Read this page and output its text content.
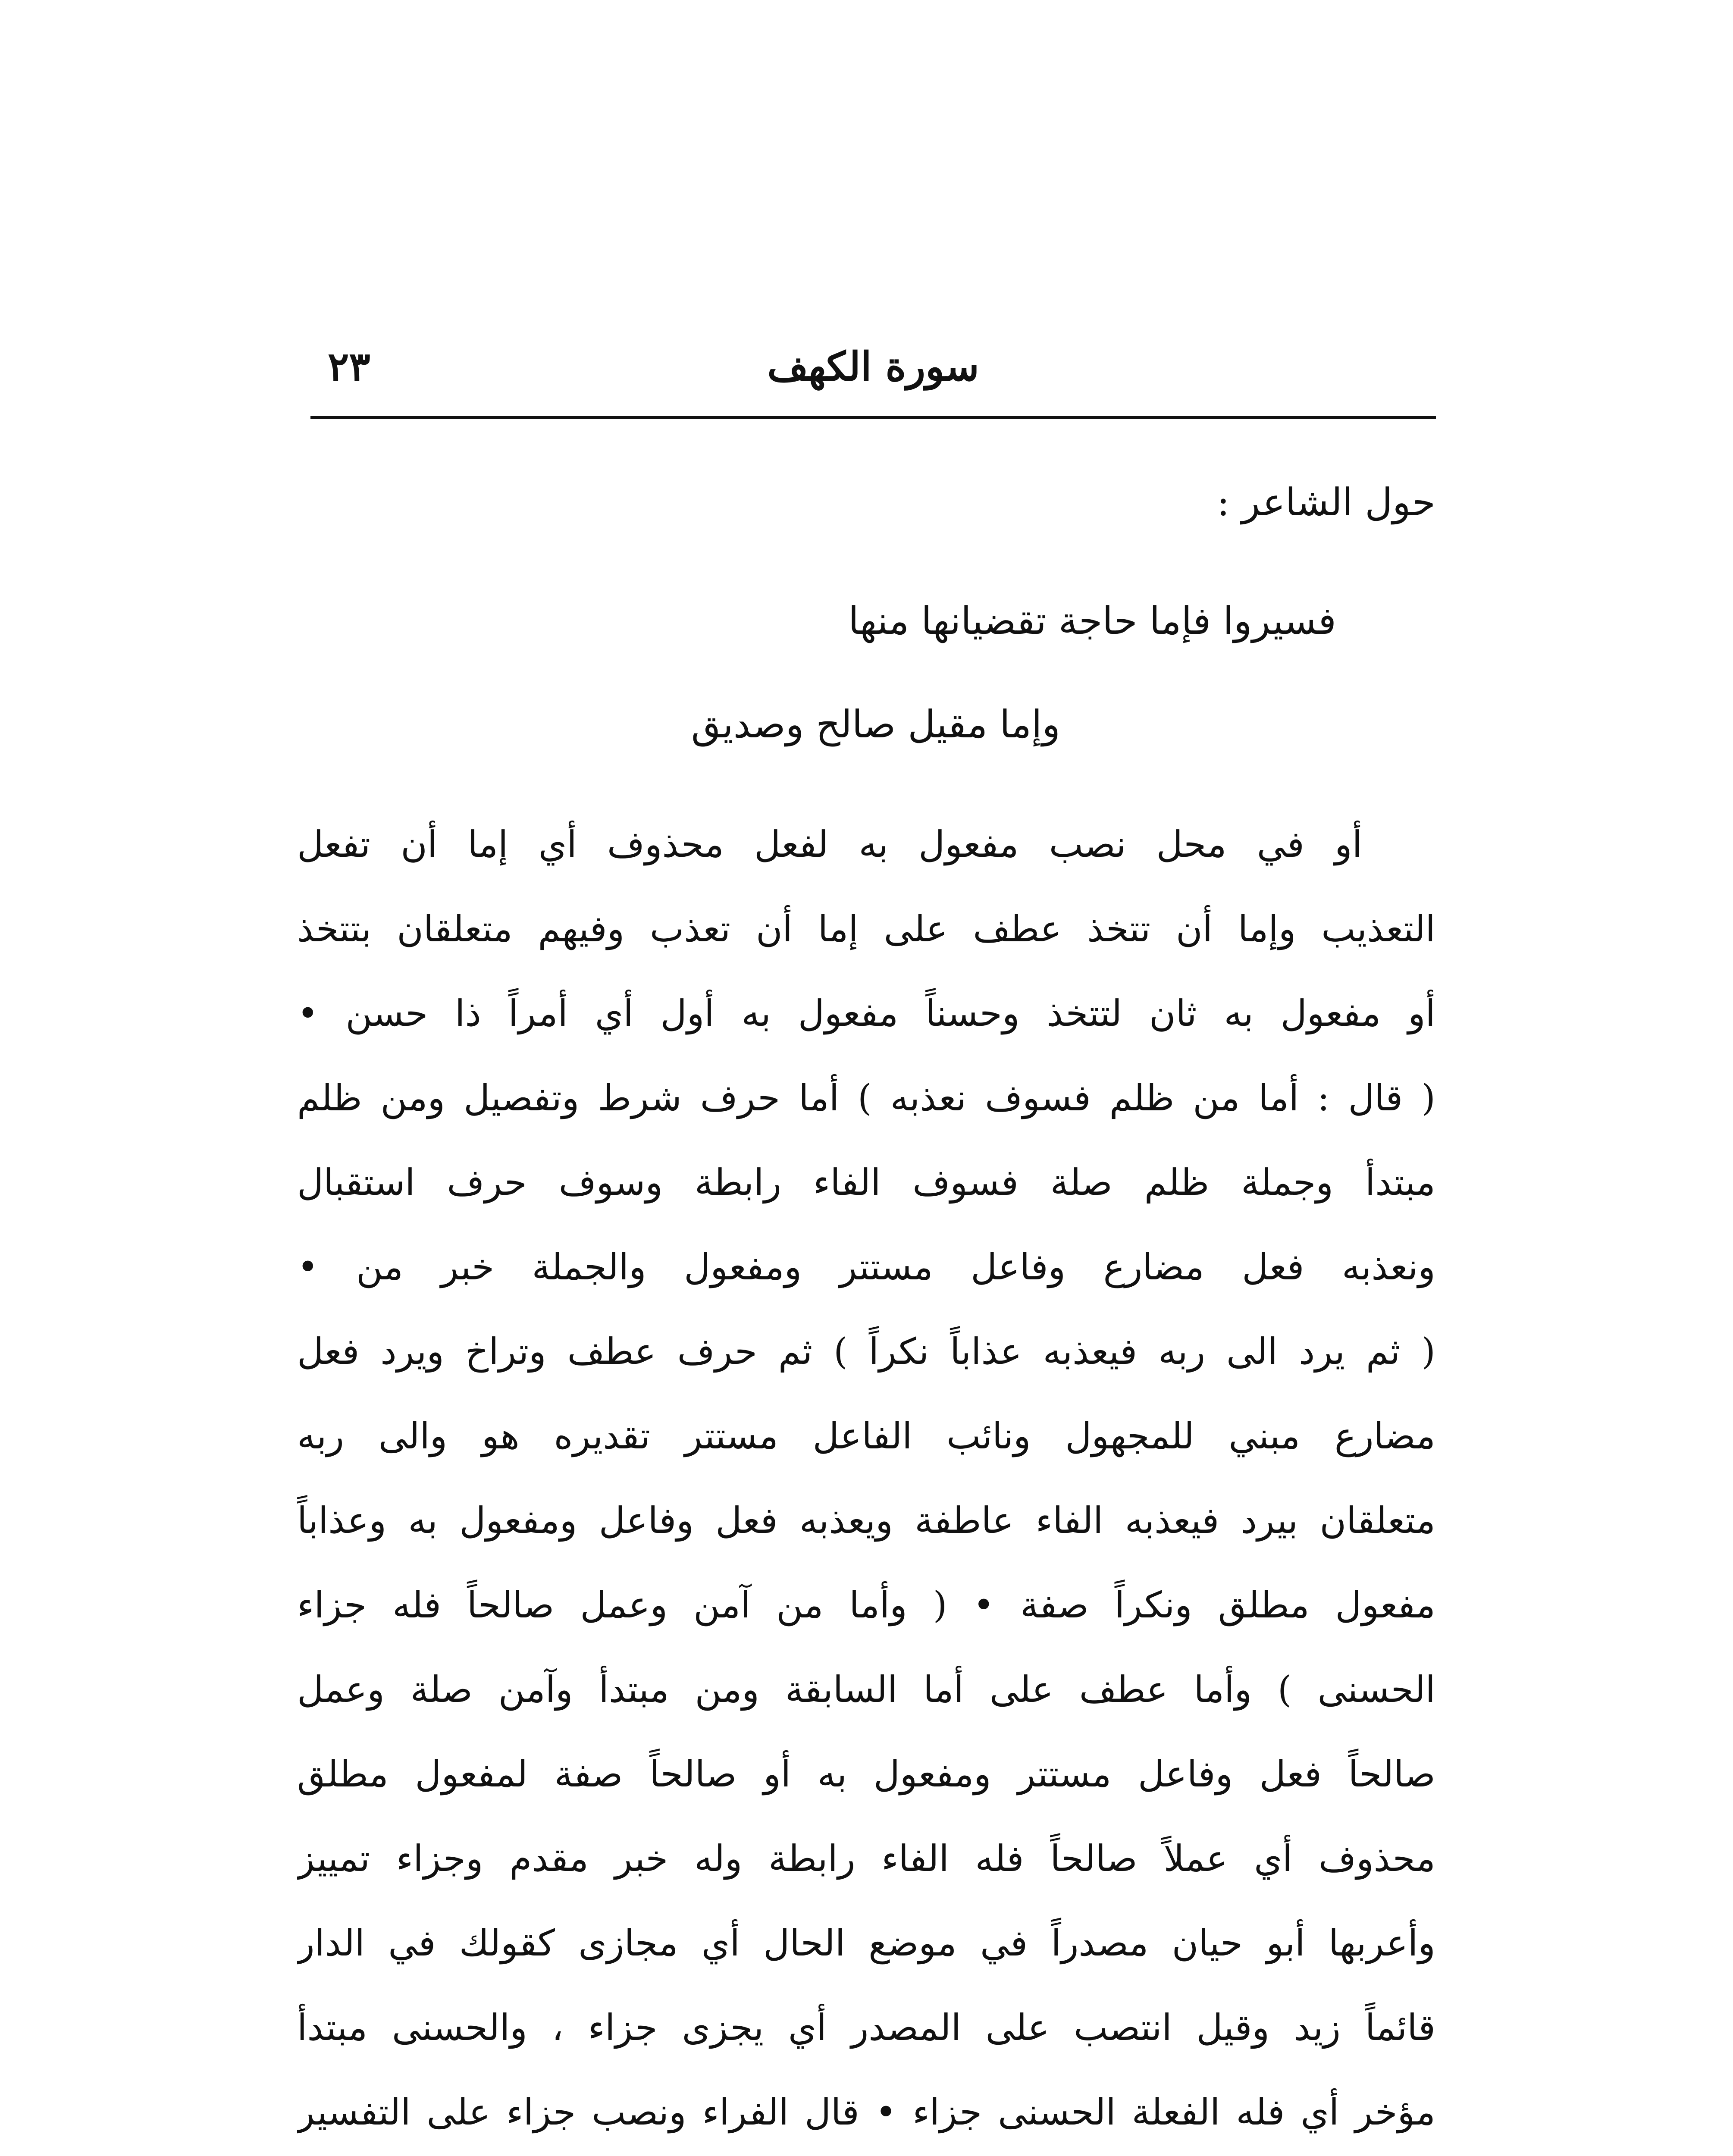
سورة الكهف
٢٣
حول الشاعر :
فسيروا فإما حاجة تقضيانها منها
وإما مقيل صالح وصديق
أو في محل نصب مفعول به لفعل محذوف أي إما أن تفعل
التعذيب وإما أن تتخذ عطف على إما أن تعذب وفيهم متعلقان بتتخذ
أو مفعول به ثان لتتخذ وحسناً مفعول به أول أي أمراً ذا حسن •
( قال : أما من ظلم فسوف نعذبه ) أما حرف شرط وتفصيل ومن ظلم
مبتدأ وجملة ظلم صلة فسوف الفاء رابطة وسوف حرف استقبال
ونعذبه فعل مضارع وفاعل مستتر ومفعول والجملة خبر من •
( ثم يرد الى ربه فيعذبه عذاباً نكراً ) ثم حرف عطف وتراخ ويرد فعل
مضارع مبني للمجهول ونائب الفاعل مستتر تقديره هو والى ربه
متعلقان بيرد فيعذبه الفاء عاطفة ويعذبه فعل وفاعل ومفعول به وعذاباً
مفعول مطلق ونكراً صفة • ( وأما من آمن وعمل صالحاً فله جزاء
الحسنى ) وأما عطف على أما السابقة ومن مبتدأ وآمن صلة وعمل
صالحاً فعل وفاعل مستتر ومفعول به أو صالحاً صفة لمفعول مطلق
محذوف أي عملاً صالحاً فله الفاء رابطة وله خبر مقدم وجزاء تمييز
وأعربها أبو حيان مصدراً في موضع الحال أي مجازى كقولك في الدار
قائماً زيد وقيل انتصب على المصدر أي يجزى جزاء ، والحسنى مبتدأ
مؤخر أي فله الفعلة الحسنى جزاء • قال الفراء ونصب جزاء على التفسير
